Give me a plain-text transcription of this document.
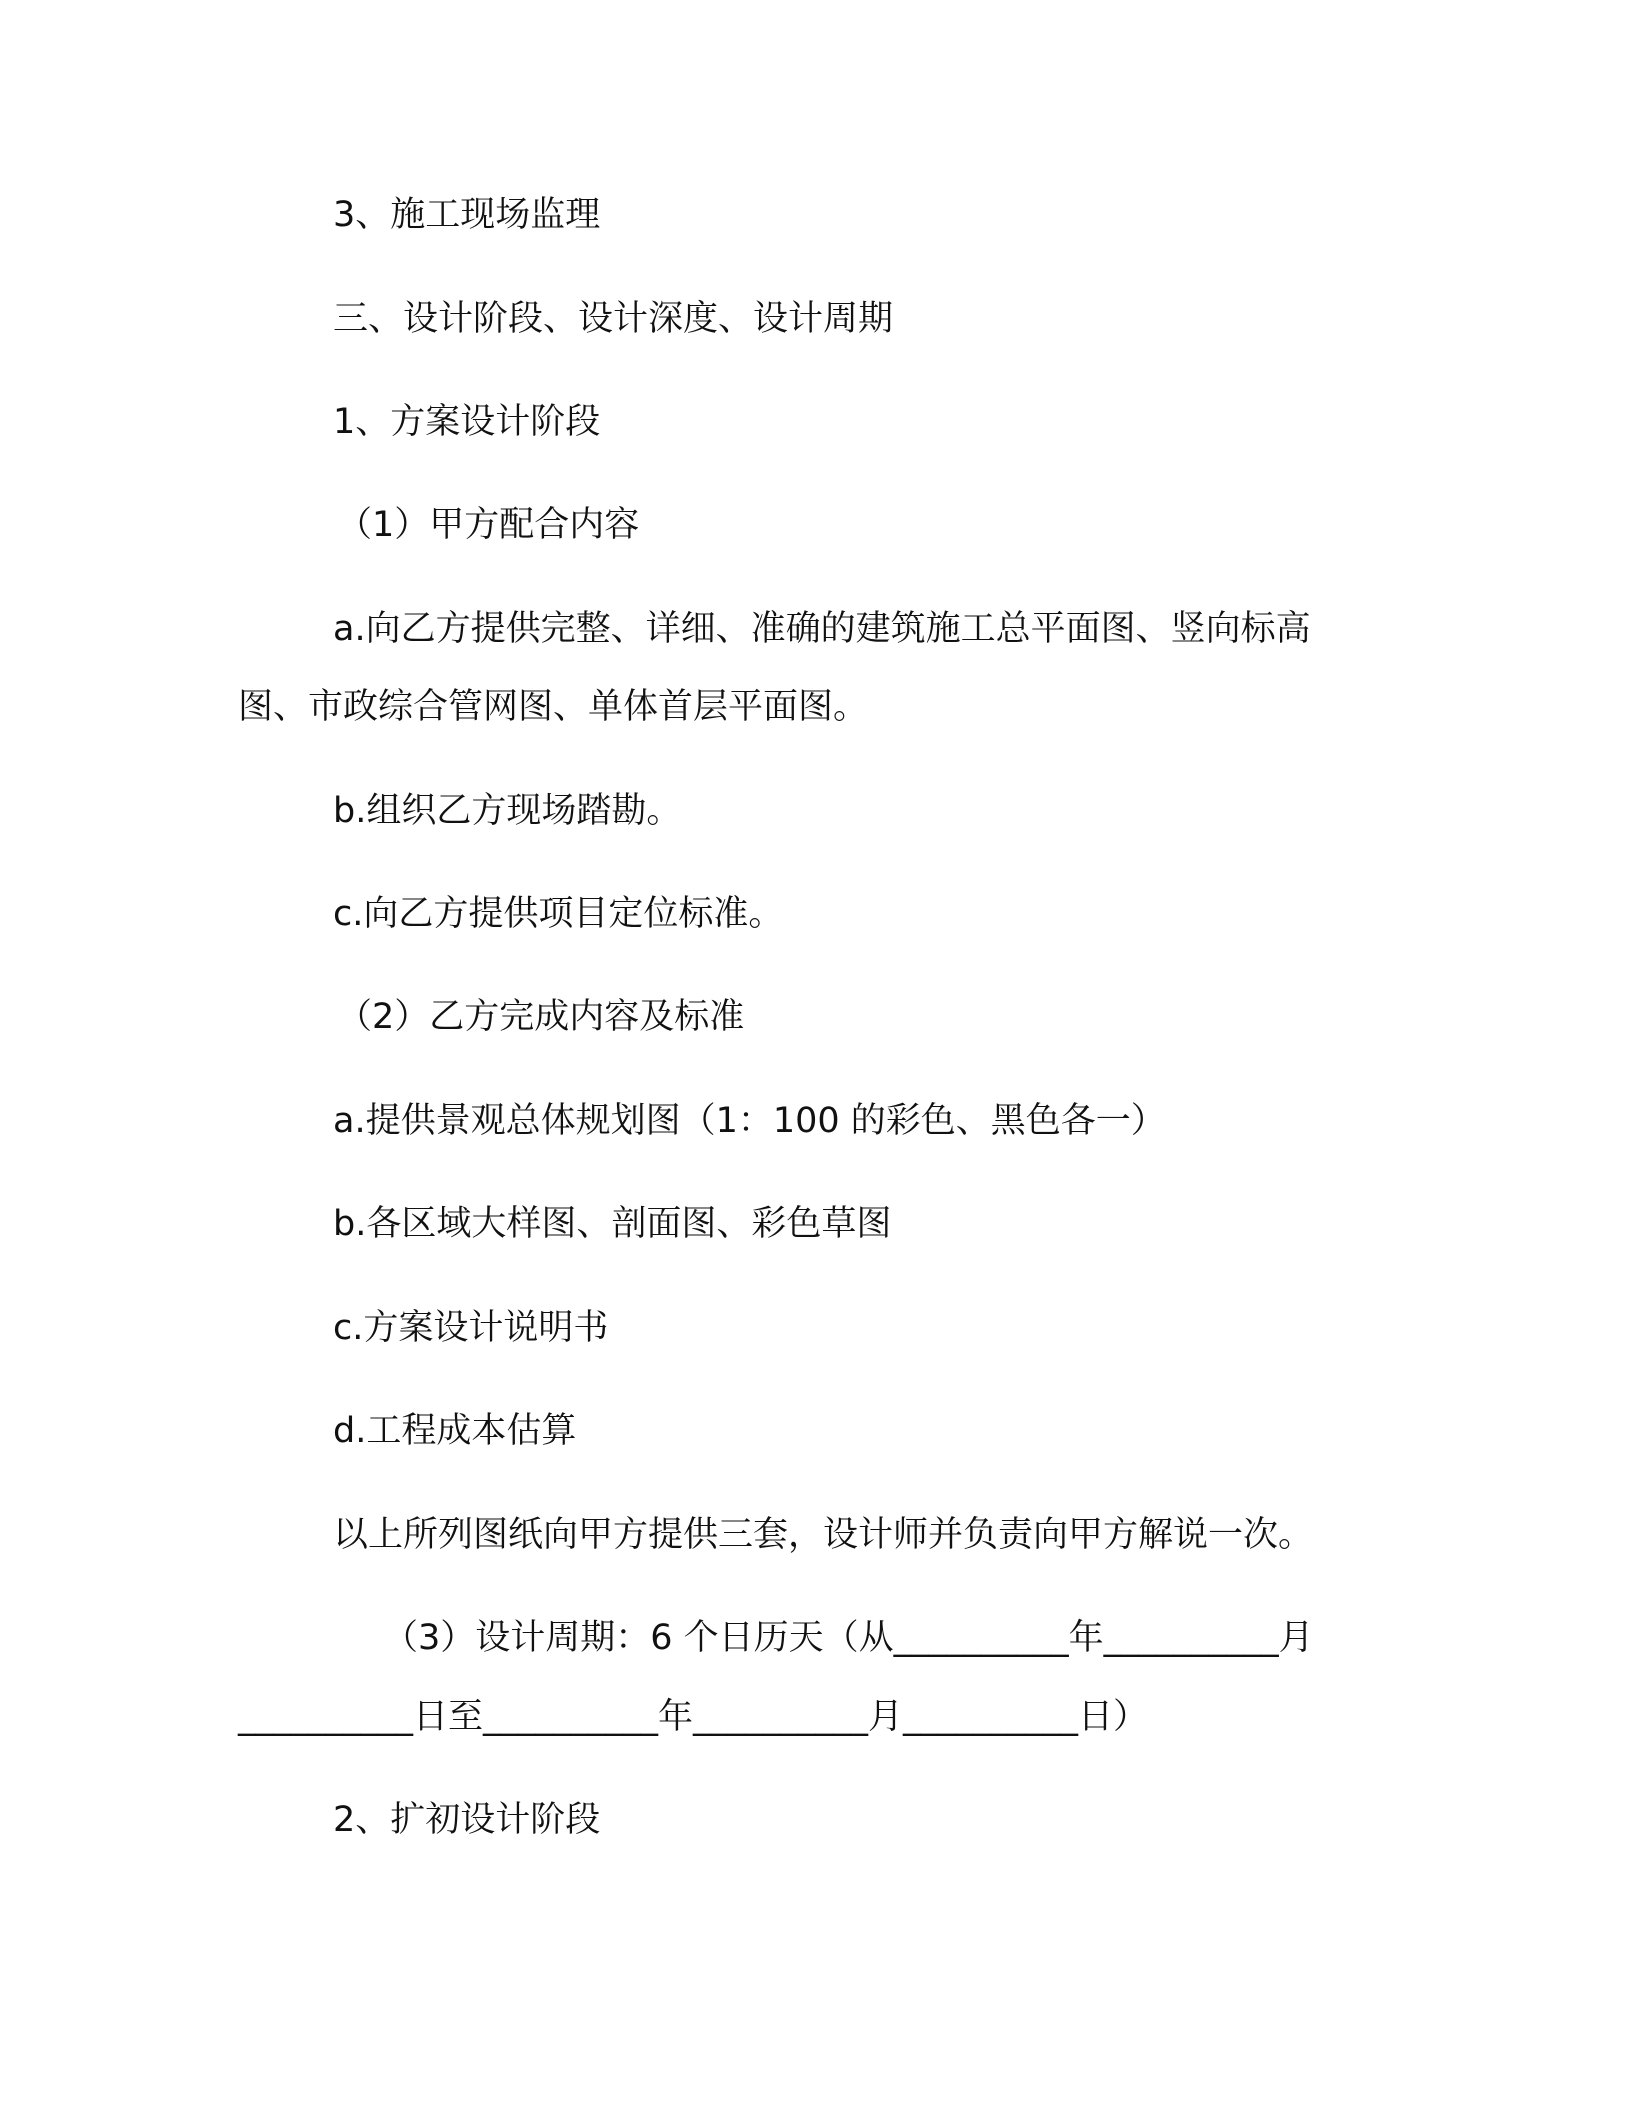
3、施工现场监理
三、设计阶段、设计深度、设计周期
1、方案设计阶段
（1）甲方配合内容
a.向乙方提供完整、详细、准确的建筑施工总平面图、竖向标高
图、市政综合管网图、单体首层平面图。
b.组织乙方现场踏勘。
c.向乙方提供项目定位标准。
（2）乙方完成内容及标准
a.提供景观总体规划图（1：100 的彩色、黑色各一）
b.各区域大样图、剖面图、彩色草图
c.方案设计说明书
d.工程成本估算
以上所列图纸向甲方提供三套，设计师并负责向甲方解说一次。
（3）设计周期：6 个日历天（从__________年__________月
__________日至__________年__________月__________日）
2、扩初设计阶段
